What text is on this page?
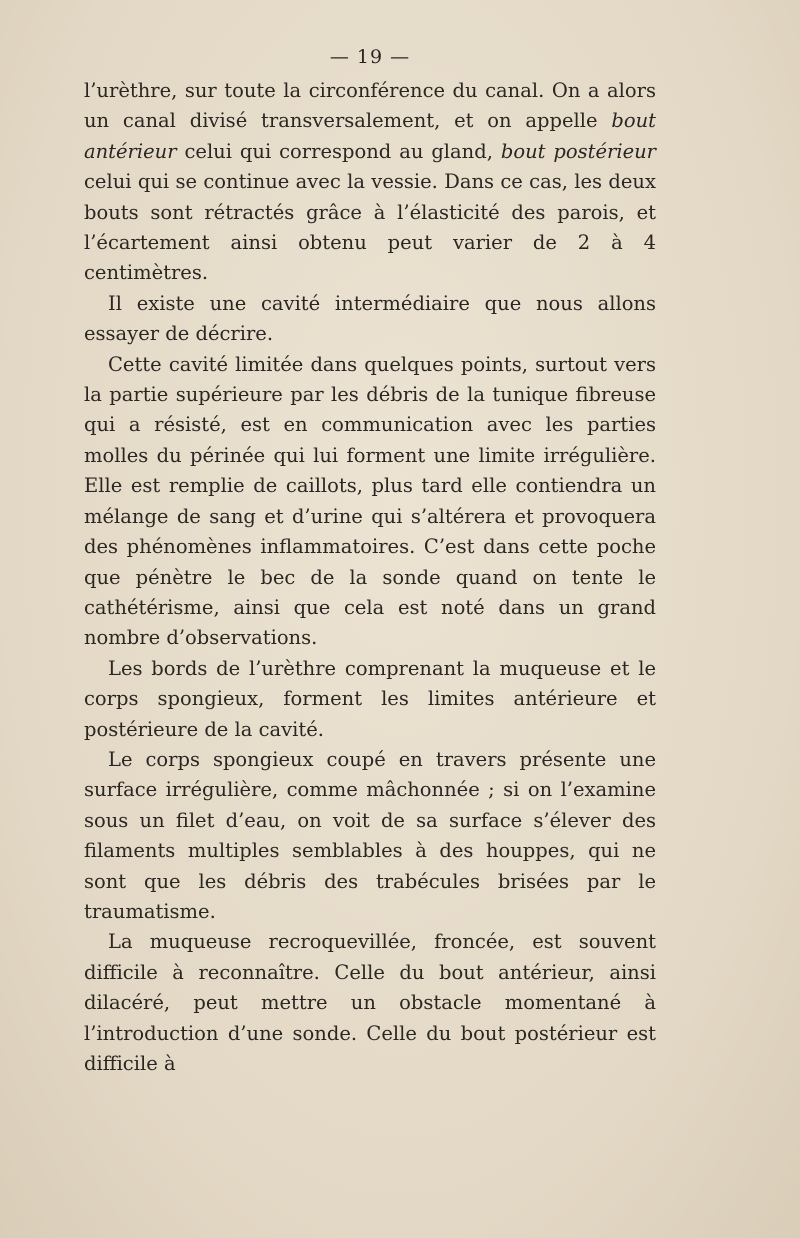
— 19 —

l’urèthre, sur toute la circonférence du canal. On a alors un canal divisé transversalement, et on appelle bout antérieur celui qui correspond au gland, bout postérieur celui qui se continue avec la vessie. Dans ce cas, les deux bouts sont rétractés grâce à l’élasticité des parois, et l’écartement ainsi obtenu peut varier de 2 à 4 centimètres.

Il existe une cavité intermédiaire que nous allons essayer de décrire.

Cette cavité limitée dans quelques points, surtout vers la partie supérieure par les débris de la tunique fibreuse qui a résisté, est en communication avec les parties molles du périnée qui lui forment une limite irrégulière. Elle est remplie de caillots, plus tard elle contiendra un mélange de sang et d’urine qui s’altérera et provoquera des phénomènes inflammatoires. C’est dans cette poche que pénètre le bec de la sonde quand on tente le cathétérisme, ainsi que cela est noté dans un grand nombre d’observations.

Les bords de l’urèthre comprenant la muqueuse et le corps spongieux, forment les limites antérieure et postérieure de la cavité.

Le corps spongieux coupé en travers présente une surface irrégulière, comme mâchonnée ; si on l’examine sous un filet d’eau, on voit de sa surface s’élever des filaments multiples semblables à des houppes, qui ne sont que les débris des trabécules brisées par le traumatisme.

La muqueuse recroquevillée, froncée, est souvent difficile à reconnaître. Celle du bout antérieur, ainsi dilacéré, peut mettre un obstacle momentané à l’introduction d’une sonde. Celle du bout postérieur est difficile à
